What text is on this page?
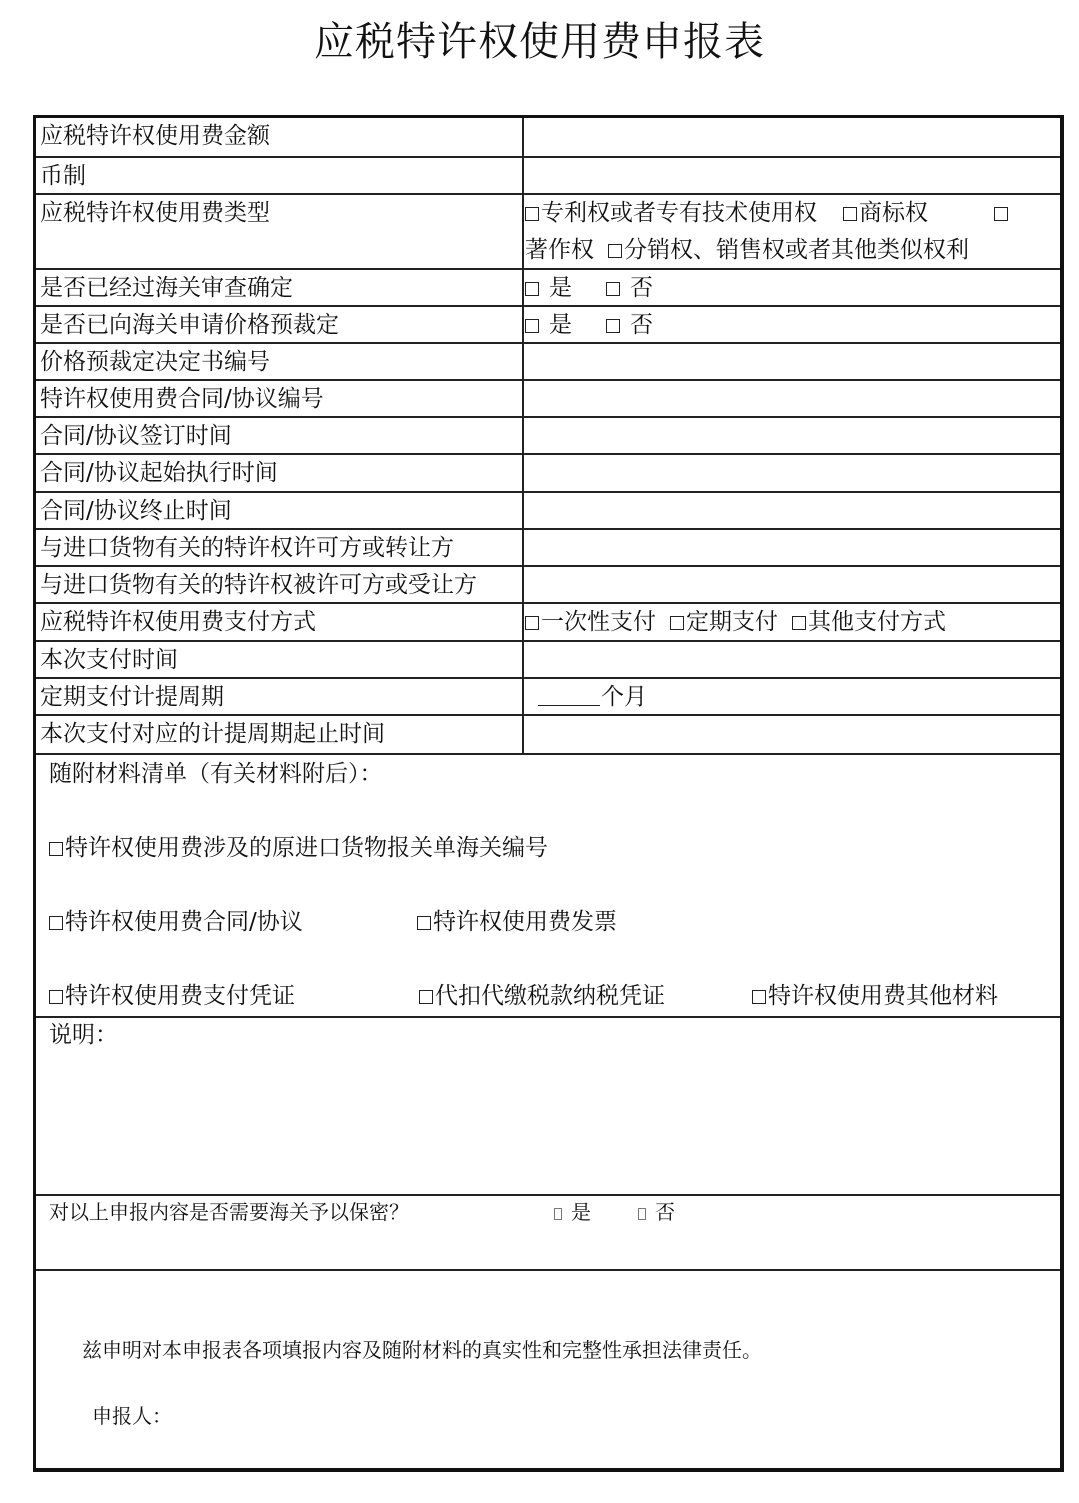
应税特许权使用费申报表
应税特许权使用费金额
币制
应税特许权使用费类型	专利权或者专有技术使用权 商标权
著作权 分销权、销售权或者其他类似权利
是否已经过海关审查确定	是	否
是否已向海关申请价格预裁定	是	否
价格预裁定决定书编号
特许权使用费合同/协议编号
合同/协议签订时间
合同/协议起始执行时间
合同/协议终止时间
与进口货物有关的特许权许可方或转让方
与进口货物有关的特许权被许可方或受让方
应税特许权使用费支付方式	一次性支付 定期支付 其他支付方式
本次支付时间
定期支付计提周期	个月
本次支付对应的计提周期起止时间
随附材料清单（有关材料附后）：
特许权使用费涉及的原进口货物报关单海关编号
特许权使用费合同/协议	特许权使用费发票
特许权使用费支付凭证	代扣代缴税款纳税凭证	特许权使用费其他材料
说明：
对以上申报内容是否需要海关予以保密？	是	否
兹申明对本申报表各项填报内容及随附材料的真实性和完整性承担法律责任。
申报人：
